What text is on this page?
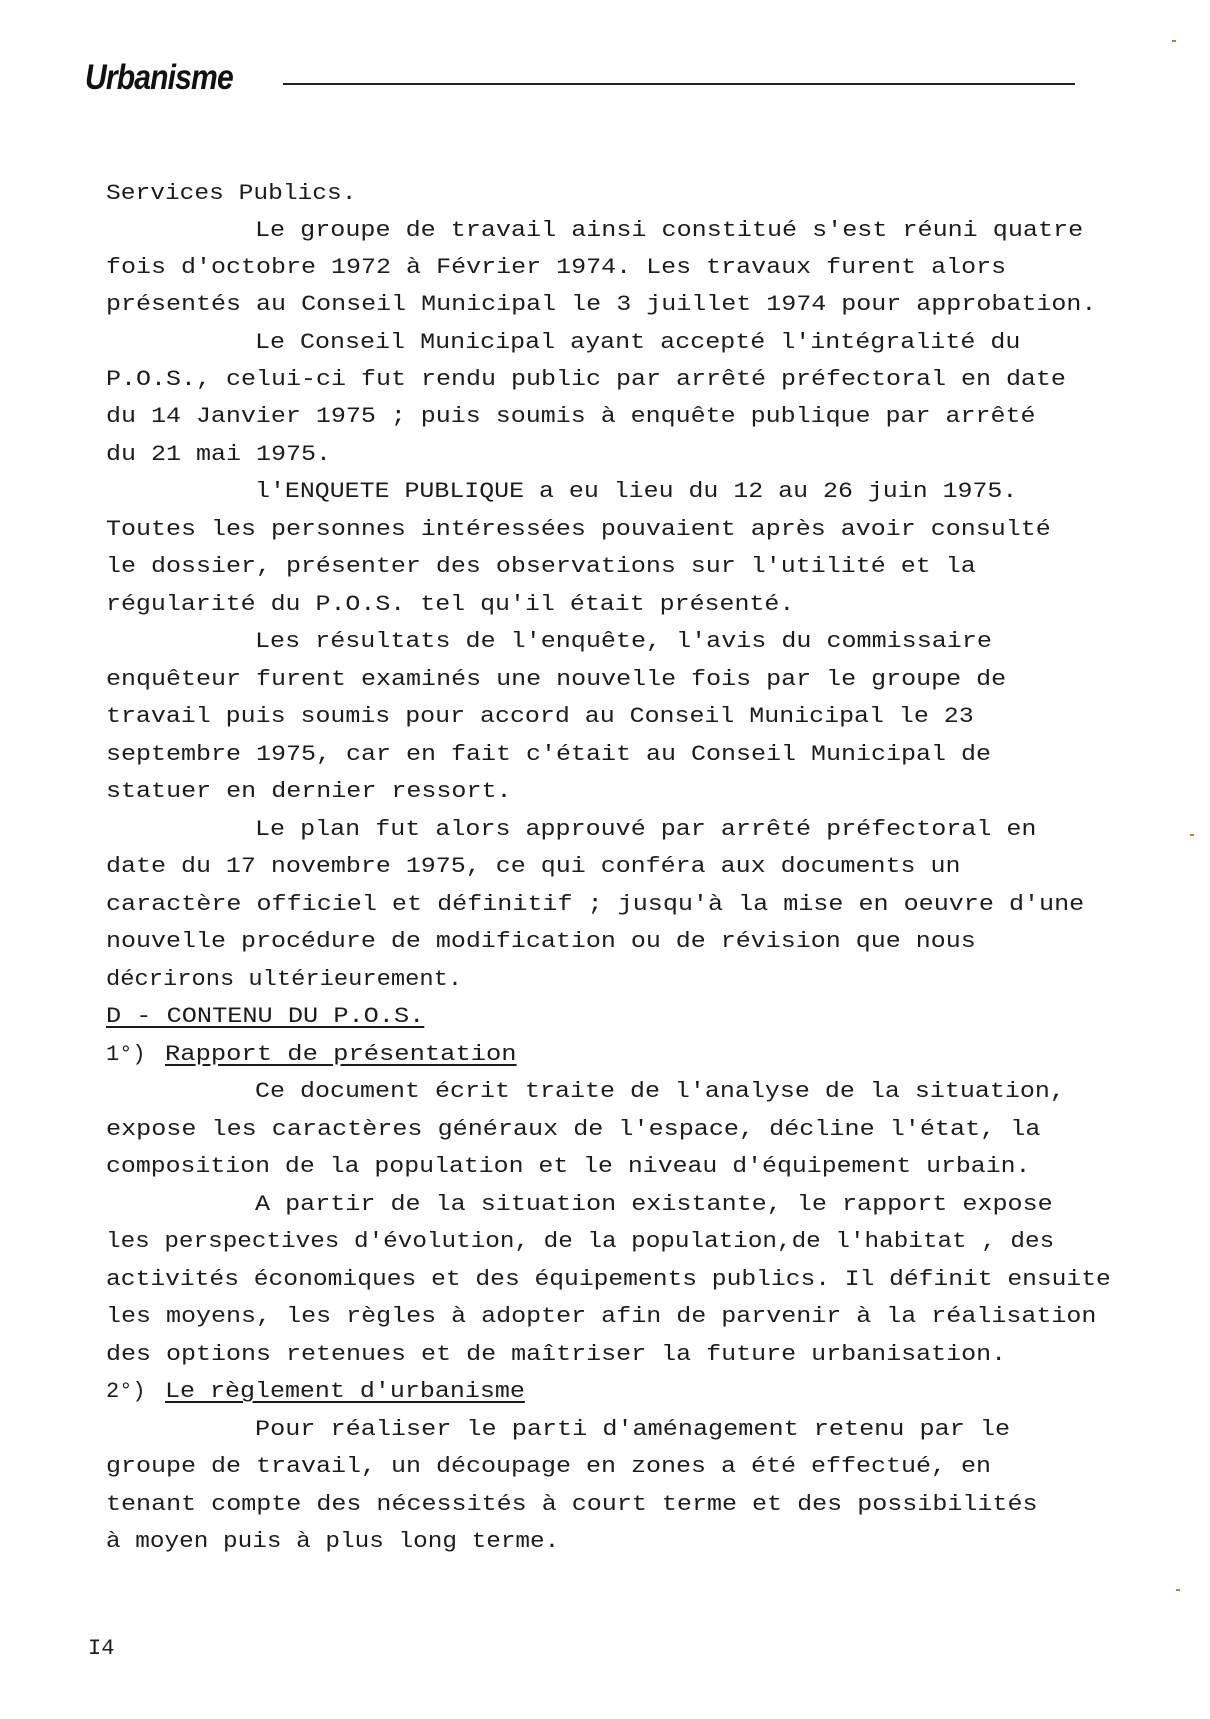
Urbanisme
Services Publics.
Le groupe de travail ainsi constitué s'est réuni quatre
fois d'octobre 1972 à Février 1974. Les travaux furent alors
présentés au Conseil Municipal le 3 juillet 1974 pour approbation.
Le Conseil Municipal ayant accepté l'intégralité du
P.O.S., celui-ci fut rendu public par arrêté préfectoral en date
du 14 Janvier 1975 ; puis soumis à enquête publique par arrêté
du 21 mai 1975.
l'ENQUETE PUBLIQUE a eu lieu du 12 au 26 juin 1975.
Toutes les personnes intéressées pouvaient après avoir consulté
le dossier, présenter des observations sur l'utilité et la
régularité du P.O.S. tel qu'il était présenté.
Les résultats de l'enquête, l'avis du commissaire
enquêteur furent examinés une nouvelle fois par le groupe de
travail puis soumis pour accord au Conseil Municipal le 23
septembre 1975, car en fait c'était au Conseil Municipal de
statuer en dernier ressort.
Le plan fut alors approuvé par arrêté préfectoral en
date du 17 novembre 1975, ce qui conféra aux documents un
caractère officiel et définitif ; jusqu'à la mise en oeuvre d'une
nouvelle procédure de modification ou de révision que nous
décrirons ultérieurement.
D - CONTENU DU P.O.S.
1°) Rapport de présentation
Ce document écrit traite de l'analyse de la situation,
expose les caractères généraux de l'espace, décline l'état, la
composition de la population et le niveau d'équipement urbain.
A partir de la situation existante, le rapport expose
les perspectives d'évolution, de la population,de l'habitat , des
activités économiques et des équipements publics. Il définit ensuite
les moyens, les règles à adopter afin de parvenir à la réalisation
des options retenues et de maîtriser la future urbanisation.
2°) Le règlement d'urbanisme
Pour réaliser le parti d'aménagement retenu par le
groupe de travail, un découpage en zones a été effectué, en
tenant compte des nécessités à court terme et des possibilités
à moyen puis à plus long terme.
I4
